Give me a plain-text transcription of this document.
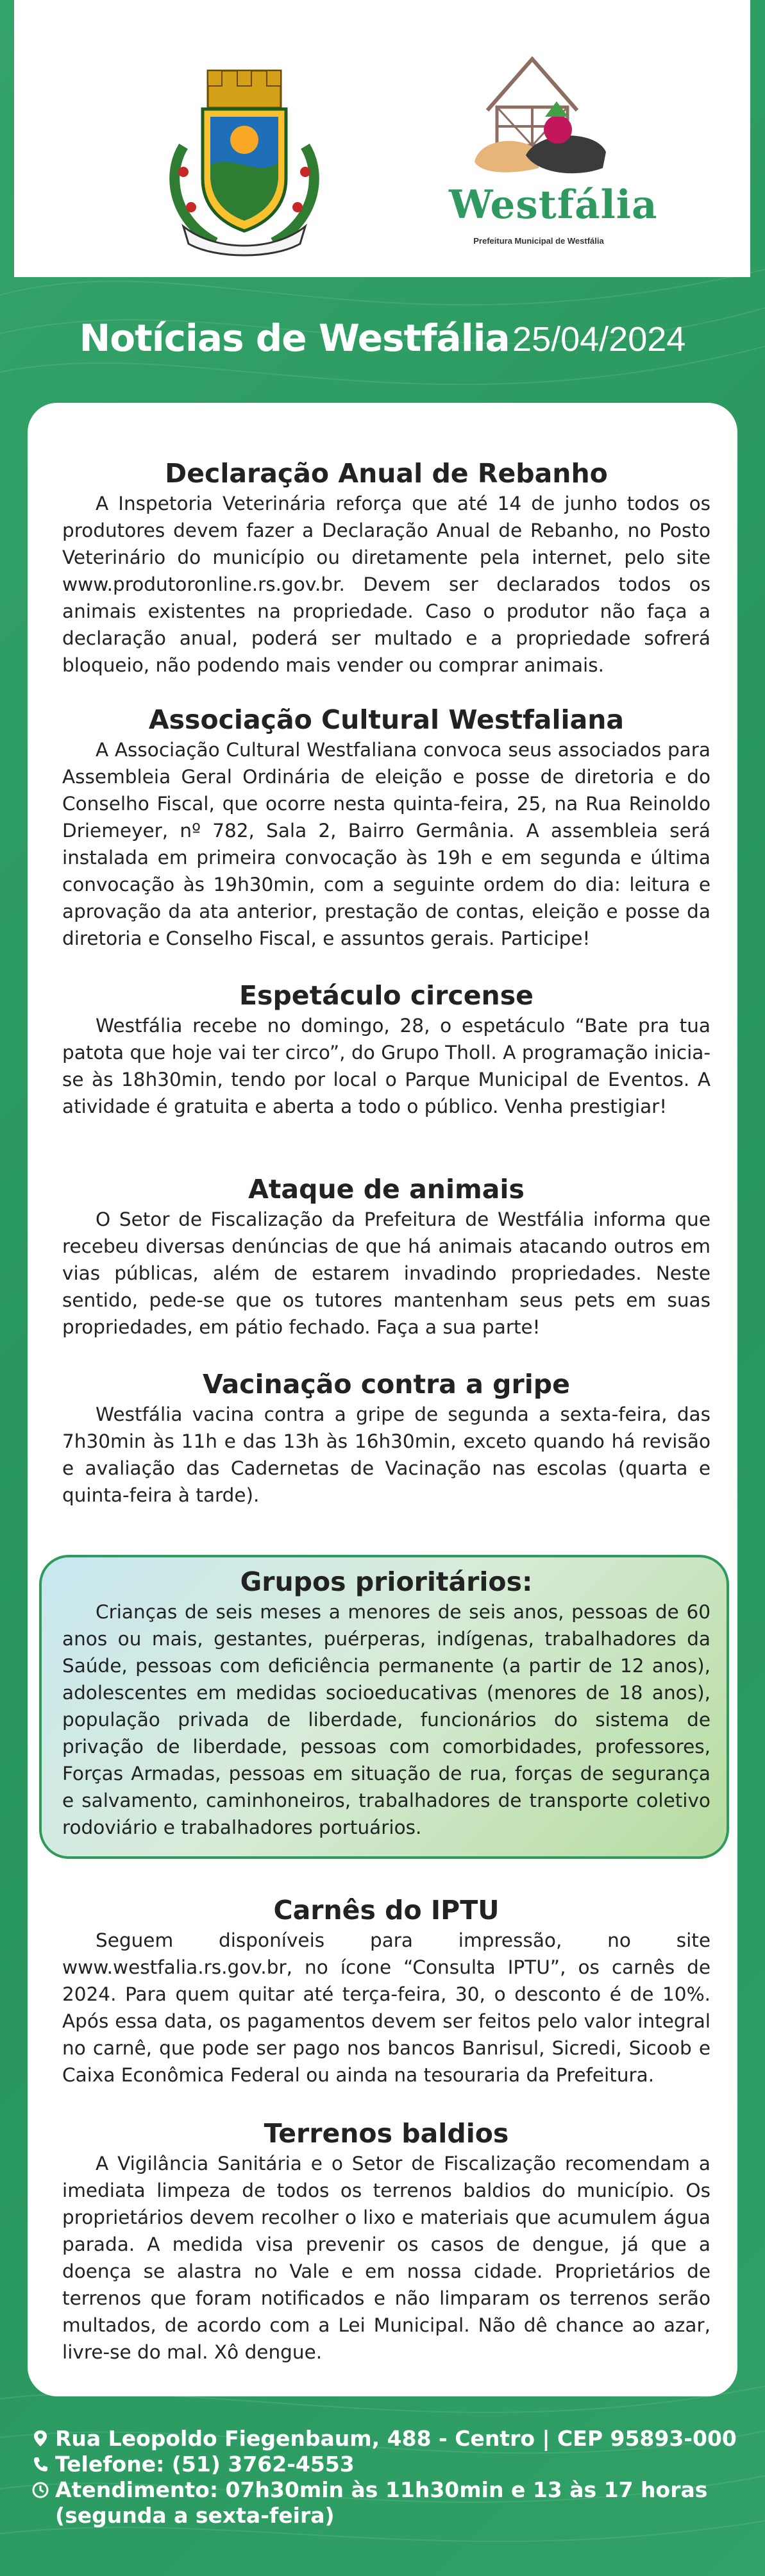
Westfália
Prefeitura Municipal de Westfália
Notícias de Westfália 25/04/2024
Declaração Anual de Rebanho

A Inspetoria Veterinária reforça que até 14 de junho todos os produtores devem fazer a Declaração Anual de Rebanho, no Posto Veterinário do município ou diretamente pela internet, pelo site www.produtoronline.rs.gov.br. Devem ser declarados todos os animais existentes na propriedade. Caso o produtor não faça a declaração anual, poderá ser multado e a propriedade sofrerá bloqueio, não podendo mais vender ou comprar animais.

Associação Cultural Westfaliana

A Associação Cultural Westfaliana convoca seus associados para Assembleia Geral Ordinária de eleição e posse de diretoria e do Conselho Fiscal, que ocorre nesta quinta-feira, 25, na Rua Reinoldo Driemeyer, nº 782, Sala 2, Bairro Germânia. A assembleia será instalada em primeira convocação às 19h e em segunda e última convocação às 19h30min, com a seguinte ordem do dia: leitura e aprovação da ata anterior, prestação de contas, eleição e posse da diretoria e Conselho Fiscal, e assuntos gerais. Participe!

Espetáculo circense

Westfália recebe no domingo, 28, o espetáculo “Bate pra tua patota que hoje vai ter circo”, do Grupo Tholl. A programação inicia-se às 18h30min, tendo por local o Parque Municipal de Eventos. A atividade é gratuita e aberta a todo o público. Venha prestigiar!

Ataque de animais

O Setor de Fiscalização da Prefeitura de Westfália informa que recebeu diversas denúncias de que há animais atacando outros em vias públicas, além de estarem invadindo propriedades. Neste sentido, pede-se que os tutores mantenham seus pets em suas propriedades, em pátio fechado. Faça a sua parte!

Vacinação contra a gripe

Westfália vacina contra a gripe de segunda a sexta-feira, das 7h30min às 11h e das 13h às 16h30min, exceto quando há revisão e avaliação das Cadernetas de Vacinação nas escolas (quarta e quinta-feira à tarde).

Grupos prioritários:

Crianças de seis meses a menores de seis anos, pessoas de 60 anos ou mais, gestantes, puérperas, indígenas, trabalhadores da Saúde, pessoas com deficiência permanente (a partir de 12 anos), adolescentes em medidas socioeducativas (menores de 18 anos), população privada de liberdade, funcionários do sistema de privação de liberdade, pessoas com comorbidades, professores, Forças Armadas, pessoas em situação de rua, forças de segurança e salvamento, caminhoneiros, trabalhadores de transporte coletivo rodoviário e trabalhadores portuários.

Carnês do IPTU

Seguem disponíveis para impressão, no site www.westfalia.rs.gov.br, no ícone “Consulta IPTU”, os carnês de 2024. Para quem quitar até terça-feira, 30, o desconto é de 10%. Após essa data, os pagamentos devem ser feitos pelo valor integral no carnê, que pode ser pago nos bancos Banrisul, Sicredi, Sicoob e Caixa Econômica Federal ou ainda na tesouraria da Prefeitura.

Terrenos baldios

A Vigilância Sanitária e o Setor de Fiscalização recomendam a imediata limpeza de todos os terrenos baldios do município. Os proprietários devem recolher o lixo e materiais que acumulem água parada. A medida visa prevenir os casos de dengue, já que a doença se alastra no Vale e em nossa cidade. Proprietários de terrenos que foram notificados e não limparam os terrenos serão multados, de acordo com a Lei Municipal. Não dê chance ao azar, livre-se do mal. Xô dengue.

Rua Leopoldo Fiegenbaum, 488 - Centro | CEP 95893-000
Telefone: (51) 3762-4553
Atendimento: 07h30min às 11h30min e 13 às 17 horas
(segunda a sexta-feira)
